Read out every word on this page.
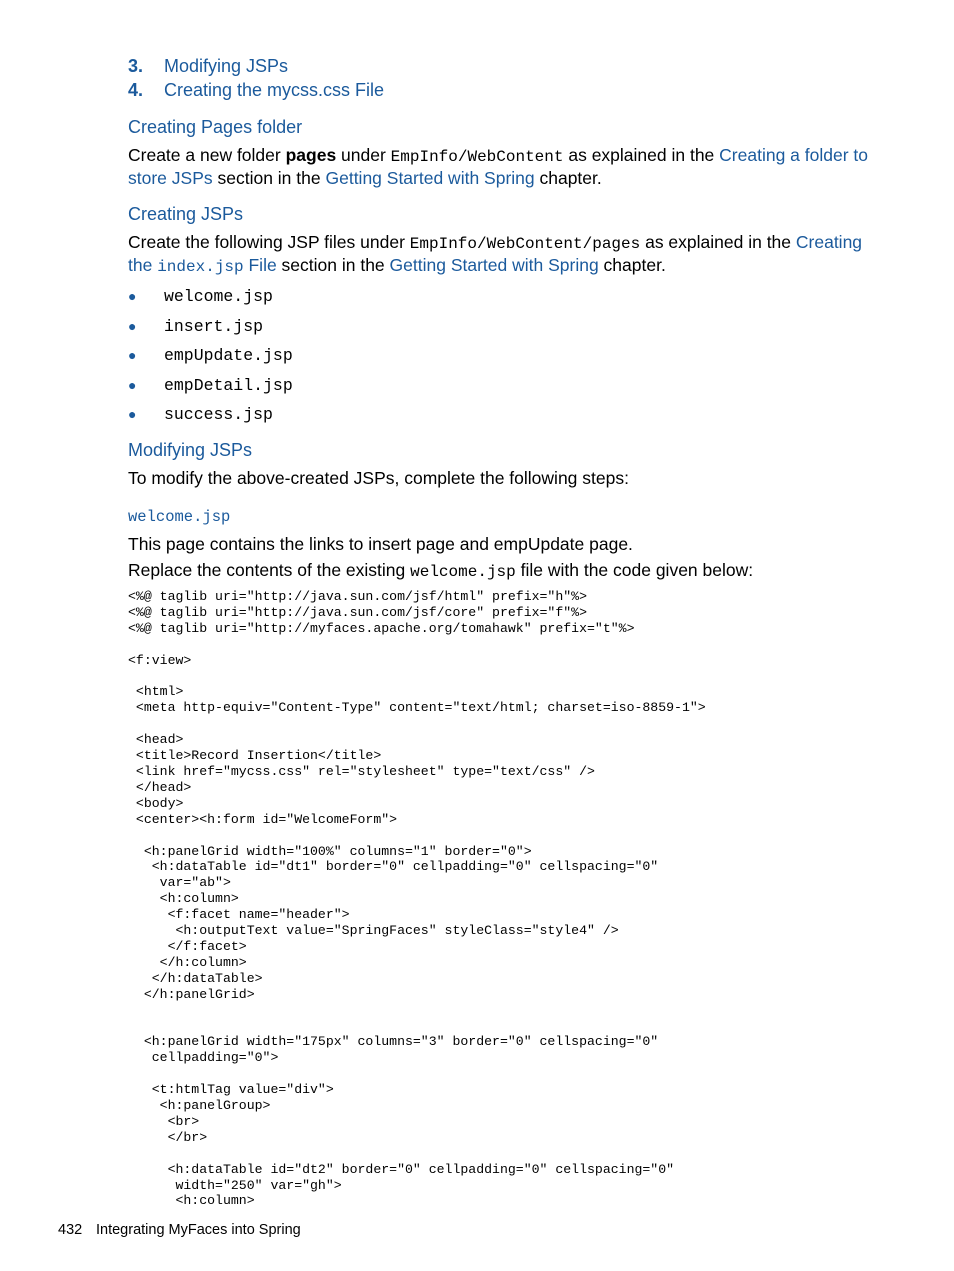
3. Modifying JSPs
4. Creating the mycss.css File
Creating Pages folder
Create a new folder pages under EmpInfo/WebContent as explained in the Creating a folder to store JSPs section in the Getting Started with Spring chapter.
Creating JSPs
Create the following JSP files under EmpInfo/WebContent/pages as explained in the Creating the index.jsp File section in the Getting Started with Spring chapter.
● welcome.jsp
● insert.jsp
● empUpdate.jsp
● empDetail.jsp
● success.jsp
Modifying JSPs
To modify the above-created JSPs, complete the following steps:
welcome.jsp
This page contains the links to insert page and empUpdate page.
Replace the contents of the existing welcome.jsp file with the code given below:
<%@ taglib uri="http://java.sun.com/jsf/html" prefix="h"%>
<%@ taglib uri="http://java.sun.com/jsf/core" prefix="f"%>
<%@ taglib uri="http://myfaces.apache.org/tomahawk" prefix="t"%>

<f:view>

<html>
<meta http-equiv="Content-Type" content="text/html; charset=iso-8859-1">

<head>
<title>Record Insertion</title>
<link href="mycss.css" rel="stylesheet" type="text/css" />
</head>
<body>
<center><h:form id="WelcomeForm">

<h:panelGrid width="100%" columns="1" border="0">
<h:dataTable id="dt1" border="0" cellpadding="0" cellspacing="0"
var="ab">
<h:column>
<f:facet name="header">
<h:outputText value="SpringFaces" styleClass="style4" />
</f:facet>
</h:column>
</h:dataTable>
</h:panelGrid>

<h:panelGrid width="175px" columns="3" border="0" cellspacing="0"
cellpadding="0">

<t:htmlTag value="div">
<h:panelGroup>
<br>
</br>

<h:dataTable id="dt2" border="0" cellpadding="0" cellspacing="0"
width="250" var="gh">
<h:column>
432 Integrating MyFaces into Spring
